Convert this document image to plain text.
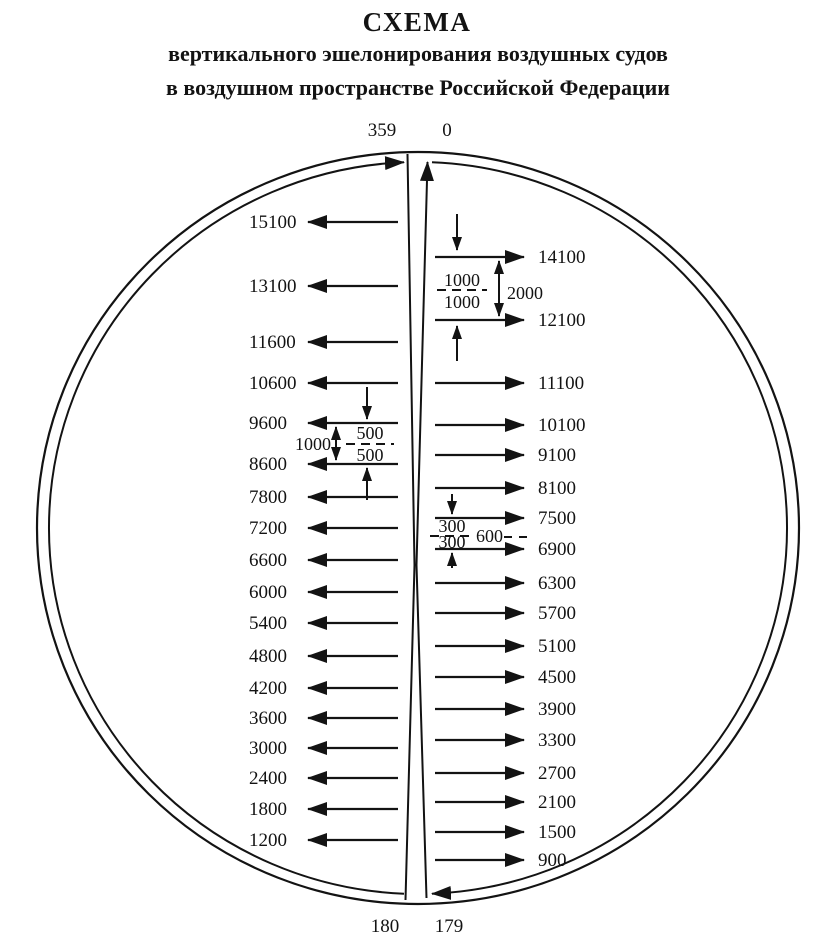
СХЕМА
вертикального эшелонирования воздушных судов
в воздушном пространстве Российской Федерации
359 0
180 179
15100
13100
11600
10600
9600
8600
7800
7200
6600
6000
5400
4800
4200
3600
3000
2400
1800
1200
14100
12100
11100
10100
9100
8100
7500
6900
6300
5700
5100
4500
3900
3300
2700
2100
1500
900
1000
1000 2000
1000
500
500
300
300 600
